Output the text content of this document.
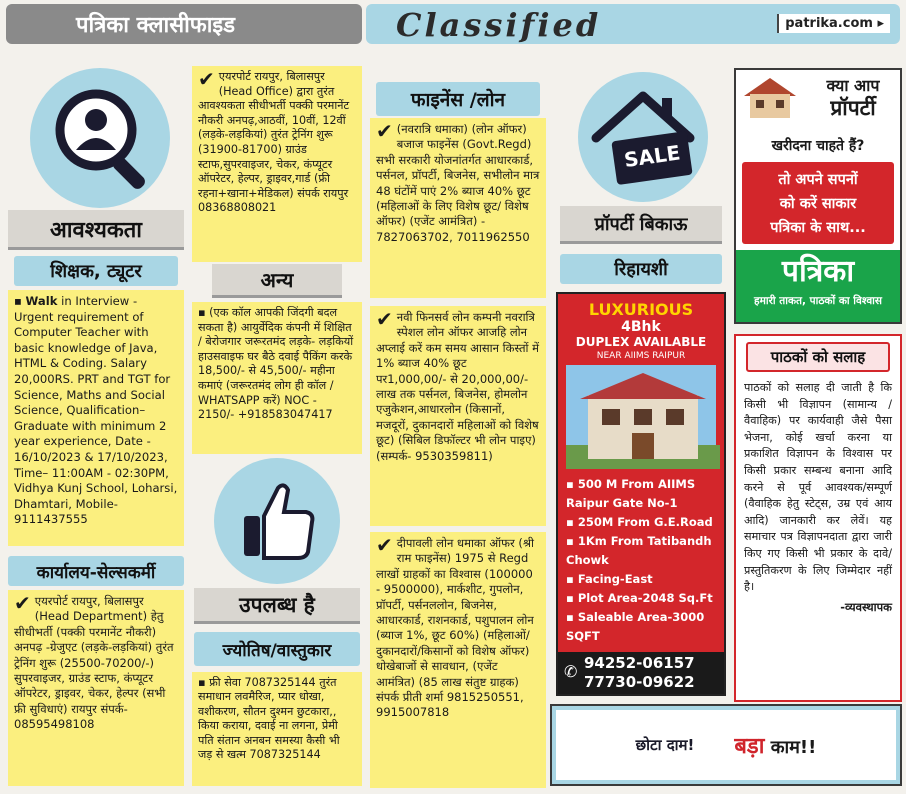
पत्रिका क्लासीफाइड	Classified	patrika.com ▸
आवश्यकता
शिक्षक, ट्यूटर
▪ Walk in Interview - Urgent requirement of Computer Teacher with basic knowledge of Java, HTML & Coding. Salary 20,000RS. PRT and TGT for Science, Maths and Social Science, Qualification– Graduate with minimum 2 year experience, Date - 16/10/2023 & 17/10/2023, Time– 11:00AM - 02:30PM, Vidhya Kunj School, Loharsi, Dhamtari, Mobile- 9111437555
कार्यालय-सेल्सकर्मी
✔ एयरपोर्ट रायपुर, बिलासपुर (Head Department) हेतु सीधीभर्ती (पक्की परमानेंट नौकरी) अनपढ़ -ग्रेजुएट (लड़के-लड़कियां) तुरंत ट्रेनिंग शुरू (25500-70200/-) सुपरवाइजर, ग्राउंड स्टाफ, कंप्यूटर ऑपरेटर, ड्राइवर, चेकर, हेल्पर (सभी फ्री सुविधाएं) रायपुर संपर्क- 08595498108
✔ एयरपोर्ट रायपुर, बिलासपुर (Head Office) द्वारा तुरंत आवश्यकता सीधीभर्ती पक्की परमानेंट नौकरी अनपढ़,आठवीं, 10वीं, 12वीं (लड़के-लड़कियां) तुरंत ट्रेनिंग शुरू (31900-81700) ग्राउंड स्टाफ,सुपरवाइजर, चेकर, कंप्यूटर ऑपरेटर, हेल्पर, ड्राइवर,गार्ड (फ्री रहना+खाना+मेडिकल) संपर्क रायपुर 08368808021
अन्य
▪ (एक कॉल आपकी जिंदगी बदल सकता है) आयुर्वेदिक कंपनी में शिक्षित / बेरोजगार जरूरतमंद लड़के- लड़कियों हाउसवाइफ घर बैठे दवाई पैकिंग करके 18,500/- से 45,500/- महीना कमाएं (जरूरतमंद लोग ही कॉल / WHATSAPP करें) NOC - 2150/- +918583047417
उपलब्ध है
ज्योतिष/वास्तुकार
▪ फ्री सेवा 7087325144 तुरंत समाधान लवमैरिज, प्यार धोखा, वशीकरण, सौतन दुश्मन छुटकारा,, किया कराया, दवाई ना लगना, प्रेमी पति संतान अनबन समस्या कैसी भी जड़ से खत्म 7087325144
फाइनेंस /लोन
✔ (नवरात्रि धमाका) (लोन ऑफर) बजाज फाइनेंस (Govt.Regd) सभी सरकारी योजनांतर्गत आधारकार्ड, पर्सनल, प्रॉपर्टी, बिजनेस, सभीलोन मात्र 48 घंटोंमें पाएं 2% ब्याज 40% छूट (महिलाओं के लिए विशेष छूट/ विशेष ऑफर) (एजेंट आमंत्रित) - 7827063702, 7011962550
✔ नवी फिनसर्व लोन कम्पनी नवरात्रि स्पेशल लोन ऑफर आजहि लोन अप्लाई करें कम समय आसान किस्तों में 1% ब्याज 40% छूट पर1,000,00/- से 20,000,00/- लाख तक पर्सनल, बिजनेस, होमलोन एजुकेशन,आधारलोन (किसानों, मजदूरों, दुकानदारों महिलाओं को विशेष छूट) (सिबिल डिफॉल्टर भी लोन पाइए) (सम्पर्क- 9530359811)
✔ दीपावली लोन धमाका ऑफर (श्री राम फाइनेंस) 1975 से Regd लाखों ग्राहकों का विश्वास (100000 - 9500000), मार्कशीट, गुपलोन, प्रॉपर्टी, पर्सनललोन, बिजनेस, आधारकार्ड, राशनकार्ड, पशुपालन लोन (ब्याज 1%, छूट 60%) (महिलाओं/दुकानदारों/किसानों को विशेष ऑफर) धोखेबाजों से सावधान, (एजेंट आमंत्रित) (85 लाख संतुष्ट ग्राहक) संपर्क प्रीती शर्मा 9815250551, 9915007818
SALE
प्रॉपर्टी बिकाऊ
रिहायशी
LUXURIOUS
4Bhk
DUPLEX AVAILABLE
NEAR AIIMS RAIPUR
▪ 500 M From AIIMS Raipur Gate No-1
▪ 250M From G.E.Road
▪ 1Km From Tatibandh Chowk
▪ Facing-East
▪ Plot Area-2048 Sq.Ft
▪ Saleable Area-3000 SQFT
✆ 94252-06157
77730-09622
क्या आप
प्रॉपर्टी
खरीदना चाहते हैं?
तो अपने सपनों
को करें साकार
पत्रिका के साथ...
पत्रिका
हमारी ताकत, पाठकों का विश्वास
पाठकों को सलाह
पाठकों को सलाह दी जाती है कि किसी भी विज्ञापन (सामान्य / वैवाहिक) पर कार्यवाही जैसे पैसा भेजना, कोई खर्चा करना या प्रकाशित विज्ञापन के विश्वास पर किसी प्रकार सम्बन्ध बनाना आदि करने से पूर्व आवश्यक/सम्पूर्ण (वैवाहिक हेतु स्टेट्स, उम्र एवं आय आदि) जानकारी कर लेवें। यह समाचार पत्र विज्ञापनदाता द्वारा जारी किए गए किसी भी प्रकार के दावे/ प्रस्तुतिकरण के लिए जिम्मेदार नहीं है।
-व्यवस्थापक
छोटा दाम! बड़ा काम!!
